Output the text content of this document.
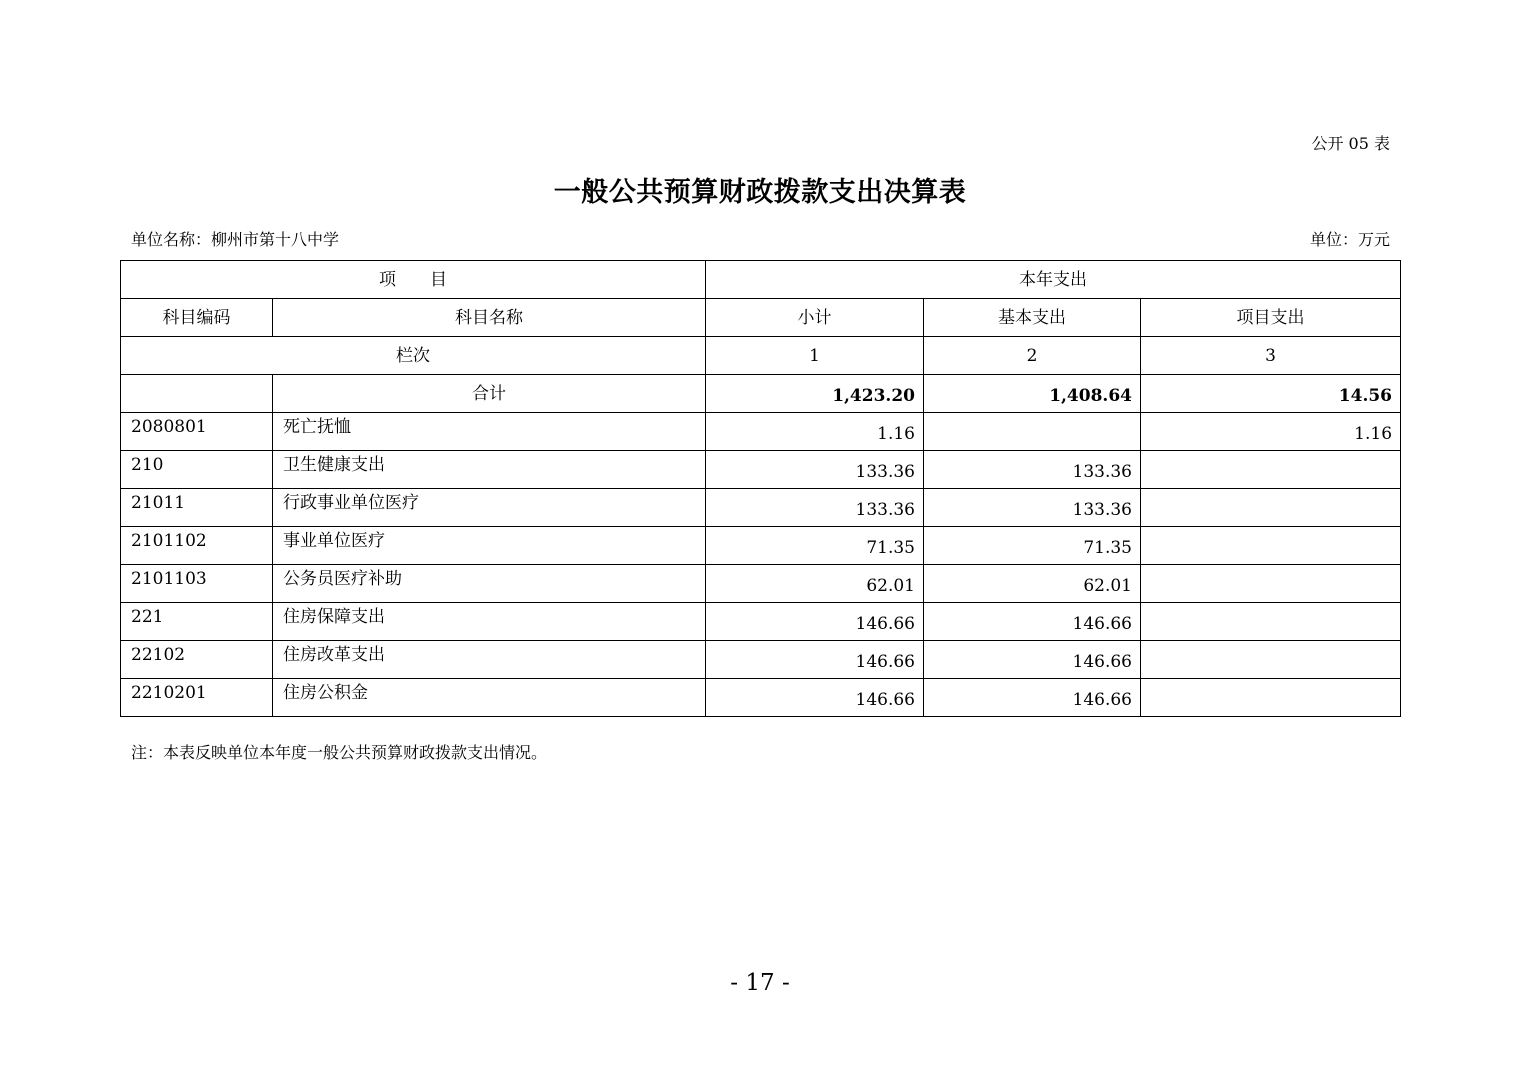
公开 05 表
一般公共预算财政拨款支出决算表
单位名称：柳州市第十八中学	单位：万元
项　　目		本年支出		
科目编码	科目名称	小计	基本支出	项目支出
栏次		1	2	3
	合计	1,423.20	1,408.64	14.56
2080801	死亡抚恤	1.16		1.16
210	卫生健康支出	133.36	133.36	
21011	行政事业单位医疗	133.36	133.36	
2101102	事业单位医疗	71.35	71.35	
2101103	公务员医疗补助	62.01	62.01	
221	住房保障支出	146.66	146.66	
22102	住房改革支出	146.66	146.66	
2210201	住房公积金	146.66	146.66	
注：本表反映单位本年度一般公共预算财政拨款支出情况。
- 17 -
